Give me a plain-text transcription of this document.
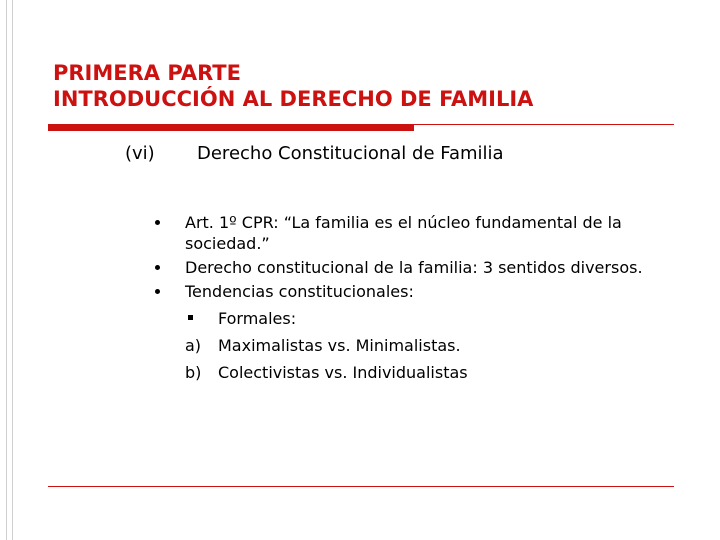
PRIMERA PARTE
INTRODUCCIÓN AL DERECHO DE FAMILIA
(vi) Derecho Constitucional de Familia
Art. 1º CPR: “La familia es el núcleo fundamental de la sociedad.”
Derecho constitucional de la familia: 3 sentidos diversos.
Tendencias constitucionales:
Formales:
a) Maximalistas vs. Minimalistas.
b) Colectivistas vs. Individualistas
